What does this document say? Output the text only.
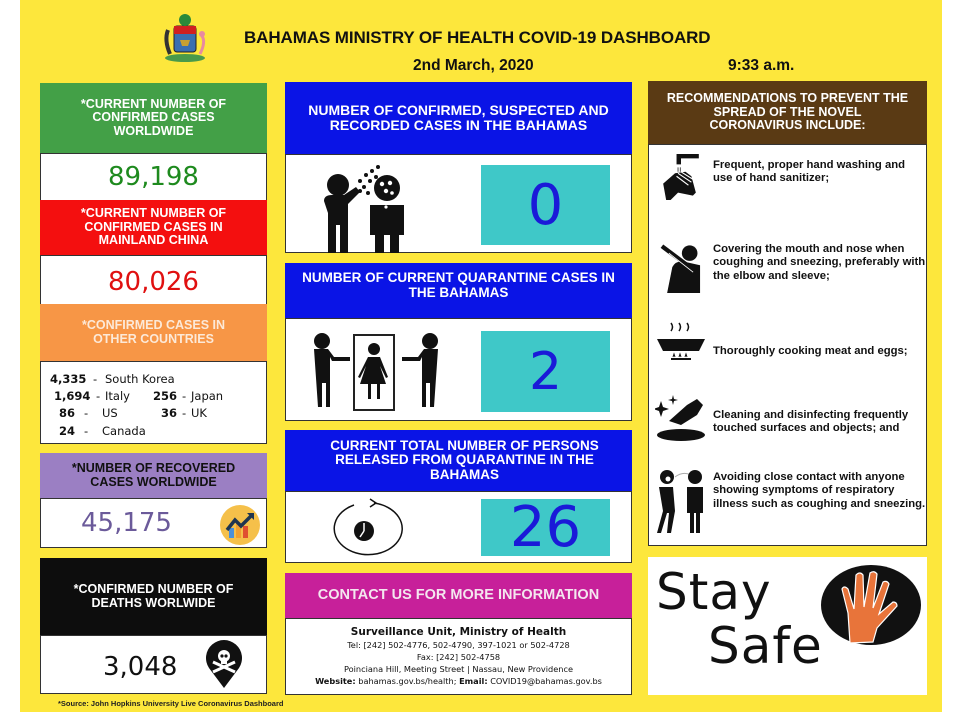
BAHAMAS MINISTRY OF HEALTH COVID-19 DASHBOARD
2nd March, 2020	9:33 a.m.
*CURRENT NUMBER OF CONFIRMED CASES WORLDWIDE
89,198
*CURRENT NUMBER OF CONFIRMED CASES IN MAINLAND CHINA
80,026
*CONFIRMED CASES IN OTHER COUNTRIES
4,335 - South Korea
1,694 - Italy 256 - Japan
86 - US	36 - UK
24 - Canada
*NUMBER OF RECOVERED CASES WORLDWIDE
45,175
*CONFIRMED NUMBER OF DEATHS WORLWIDE
3,048
*Source: John Hopkins University Live Coronavirus Dashboard
NUMBER OF CONFIRMED, SUSPECTED AND RECORDED CASES IN THE BAHAMAS
0
NUMBER OF CURRENT QUARANTINE CASES IN THE BAHAMAS
2
CURRENT TOTAL NUMBER OF PERSONS RELEASED FROM QUARANTINE IN THE BAHAMAS
26
CONTACT US FOR MORE INFORMATION
Surveillance Unit, Ministry of Health
Tel: [242] 502-4776, 502-4790, 397-1021 or 502-4728
Fax: [242] 502-4758
Poinciana Hill, Meeting Street | Nassau, New Providence
Website: bahamas.gov.bs/health; Email: COVID19@bahamas.gov.bs
RECOMMENDATIONS TO PREVENT THE SPREAD OF THE NOVEL CORONAVIRUS INCLUDE:
Frequent, proper hand washing and use of hand sanitizer;
Covering the mouth and nose when coughing and sneezing, preferably with the elbow and sleeve;
Thoroughly cooking meat and eggs;
Cleaning and disinfecting frequently touched surfaces and objects; and
Avoiding close contact with anyone showing symptoms of respiratory illness such as coughing and sneezing.
Stay
Safe
